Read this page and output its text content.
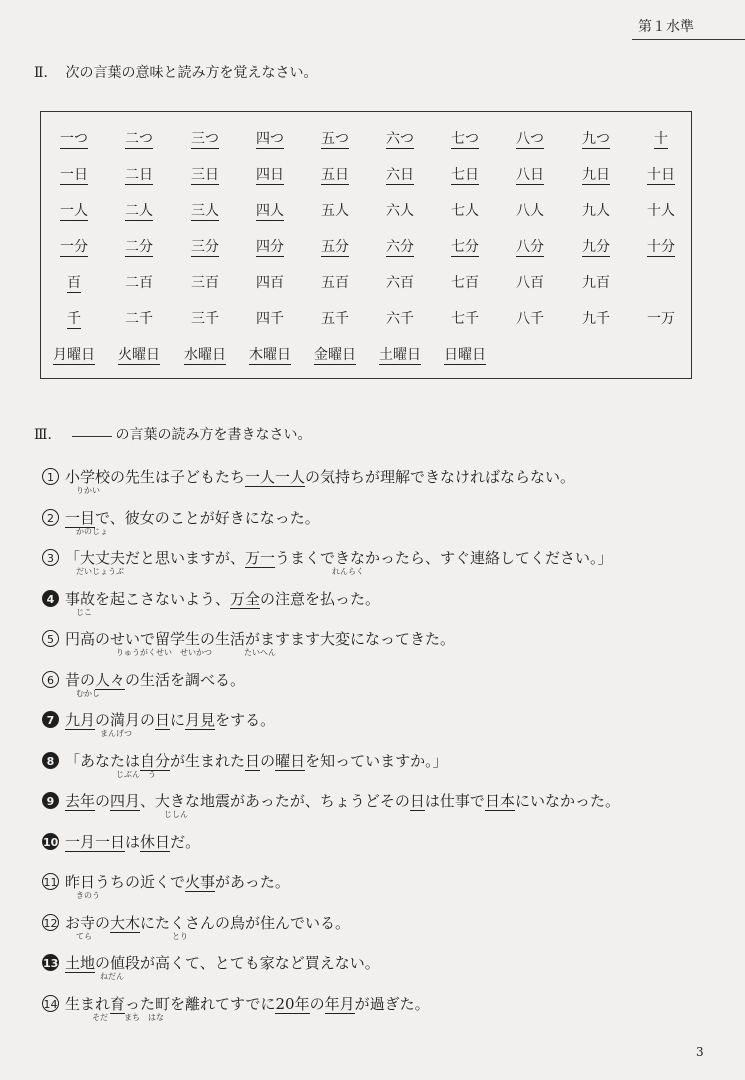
第１水準
Ⅱ． 次の言葉の意味と読み方を覚えなさい。
一つ	二つ	三つ	四つ	五つ	六つ	七つ	八つ	九つ	十
一日	二日	三日	四日	五日	六日	七日	八日	九日	十日
一人	二人	三人	四人	五人	六人	七人	八人	九人	十人
一分	二分	三分	四分	五分	六分	七分	八分	九分	十分
百	二百	三百	四百	五百	六百	七百	八百	九百
千	二千	三千	四千	五千	六千	七千	八千	九千	一万
月曜日 火曜日 水曜日 木曜日 金曜日 土曜日 日曜日
Ⅲ．	の言葉の読み方を書きなさい。
1 小学校の先生は子どもたち一人一人の気持ちが理解できなければならない。
りかい
2 一目で、彼女のことが好きになった。
かのじょ
3 「大丈夫だと思いますが、万一うまくできなかったら、すぐ連絡してください。」
だいじょうぶ　　　　　　　　　　　　　　　　　　　　　　　　　　れんらく
4 事故を起こさないよう、万全の注意を払った。
じこ
5 円高のせいで留学生の生活がますます大変になってきた。
　　　　　りゅうがくせい　せいかつ　　　　たいへん
6 昔の人々の生活を調べる。
むかし
7 九月の満月の日に月見をする。
　　　まんげつ
8 「あなたは自分が生まれた日の曜日を知っていますか。」
　　　　　じぶん　う
9 去年の四月、大きな地震があったが、ちょうどその日は仕事で日本にいなかった。
　　　　　　　　　　　じしん
10 一月一日は休日だ。
11 昨日うちの近くで火事があった。
きのう
12 お寺の大木にたくさんの鳥が住んでいる。
てら　　　　　　　　　　とり
13 土地の値段が高くて、とても家など買えない。
　　　ねだん
14 生まれ育った町を離れてすでに20年の年月が過ぎた。
　　そだ　　まち　はな
3
